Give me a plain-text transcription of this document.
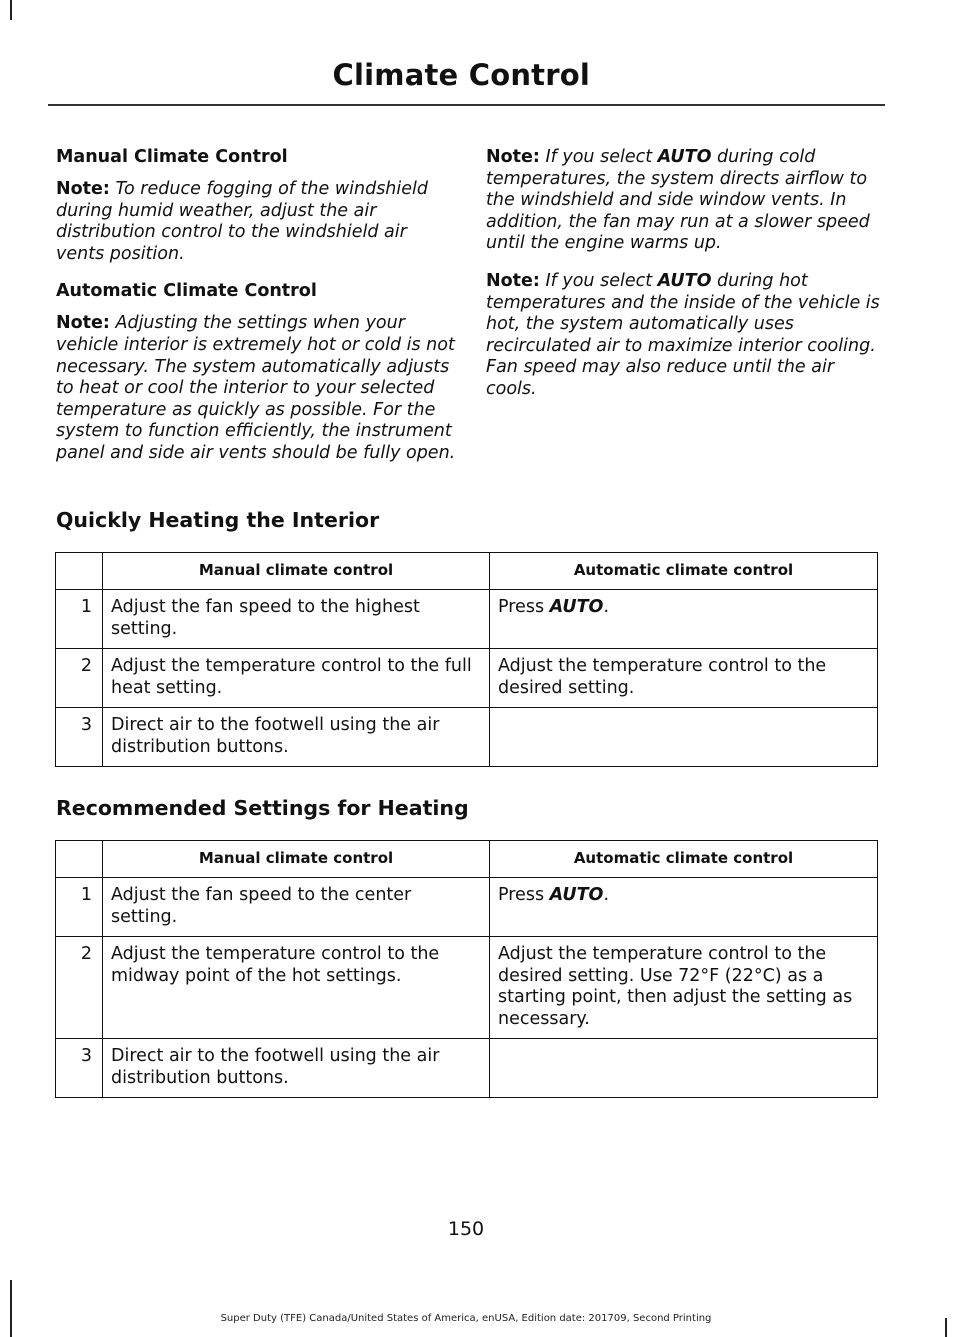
Climate Control
Manual Climate Control

Note: To reduce fogging of the windshield during humid weather, adjust the air distribution control to the windshield air vents position.

Automatic Climate Control

Note: Adjusting the settings when your vehicle interior is extremely hot or cold is not necessary. The system automatically adjusts to heat or cool the interior to your selected temperature as quickly as possible. For the system to function efficiently, the instrument panel and side air vents should be fully open.

Note: If you select AUTO during cold temperatures, the system directs airflow to the windshield and side window vents. In addition, the fan may run at a slower speed until the engine warms up.

Note: If you select AUTO during hot temperatures and the inside of the vehicle is hot, the system automatically uses recirculated air to maximize interior cooling. Fan speed may also reduce until the air cools.

Quickly Heating the Interior
	Manual climate control	Automatic climate control
1	Adjust the fan speed to the highest setting.	Press AUTO.
2	Adjust the temperature control to the full heat setting.	Adjust the temperature control to the desired setting.
3	Direct air to the footwell using the air distribution buttons.	
Recommended Settings for Heating
	Manual climate control	Automatic climate control
1	Adjust the fan speed to the center setting.	Press AUTO.
2	Adjust the temperature control to the midway point of the hot settings.	Adjust the temperature control to the desired setting. Use 72°F (22°C) as a starting point, then adjust the setting as necessary.
3	Direct air to the footwell using the air distribution buttons.	
150
Super Duty (TFE) Canada/United States of America, enUSA, Edition date: 201709, Second Printing
